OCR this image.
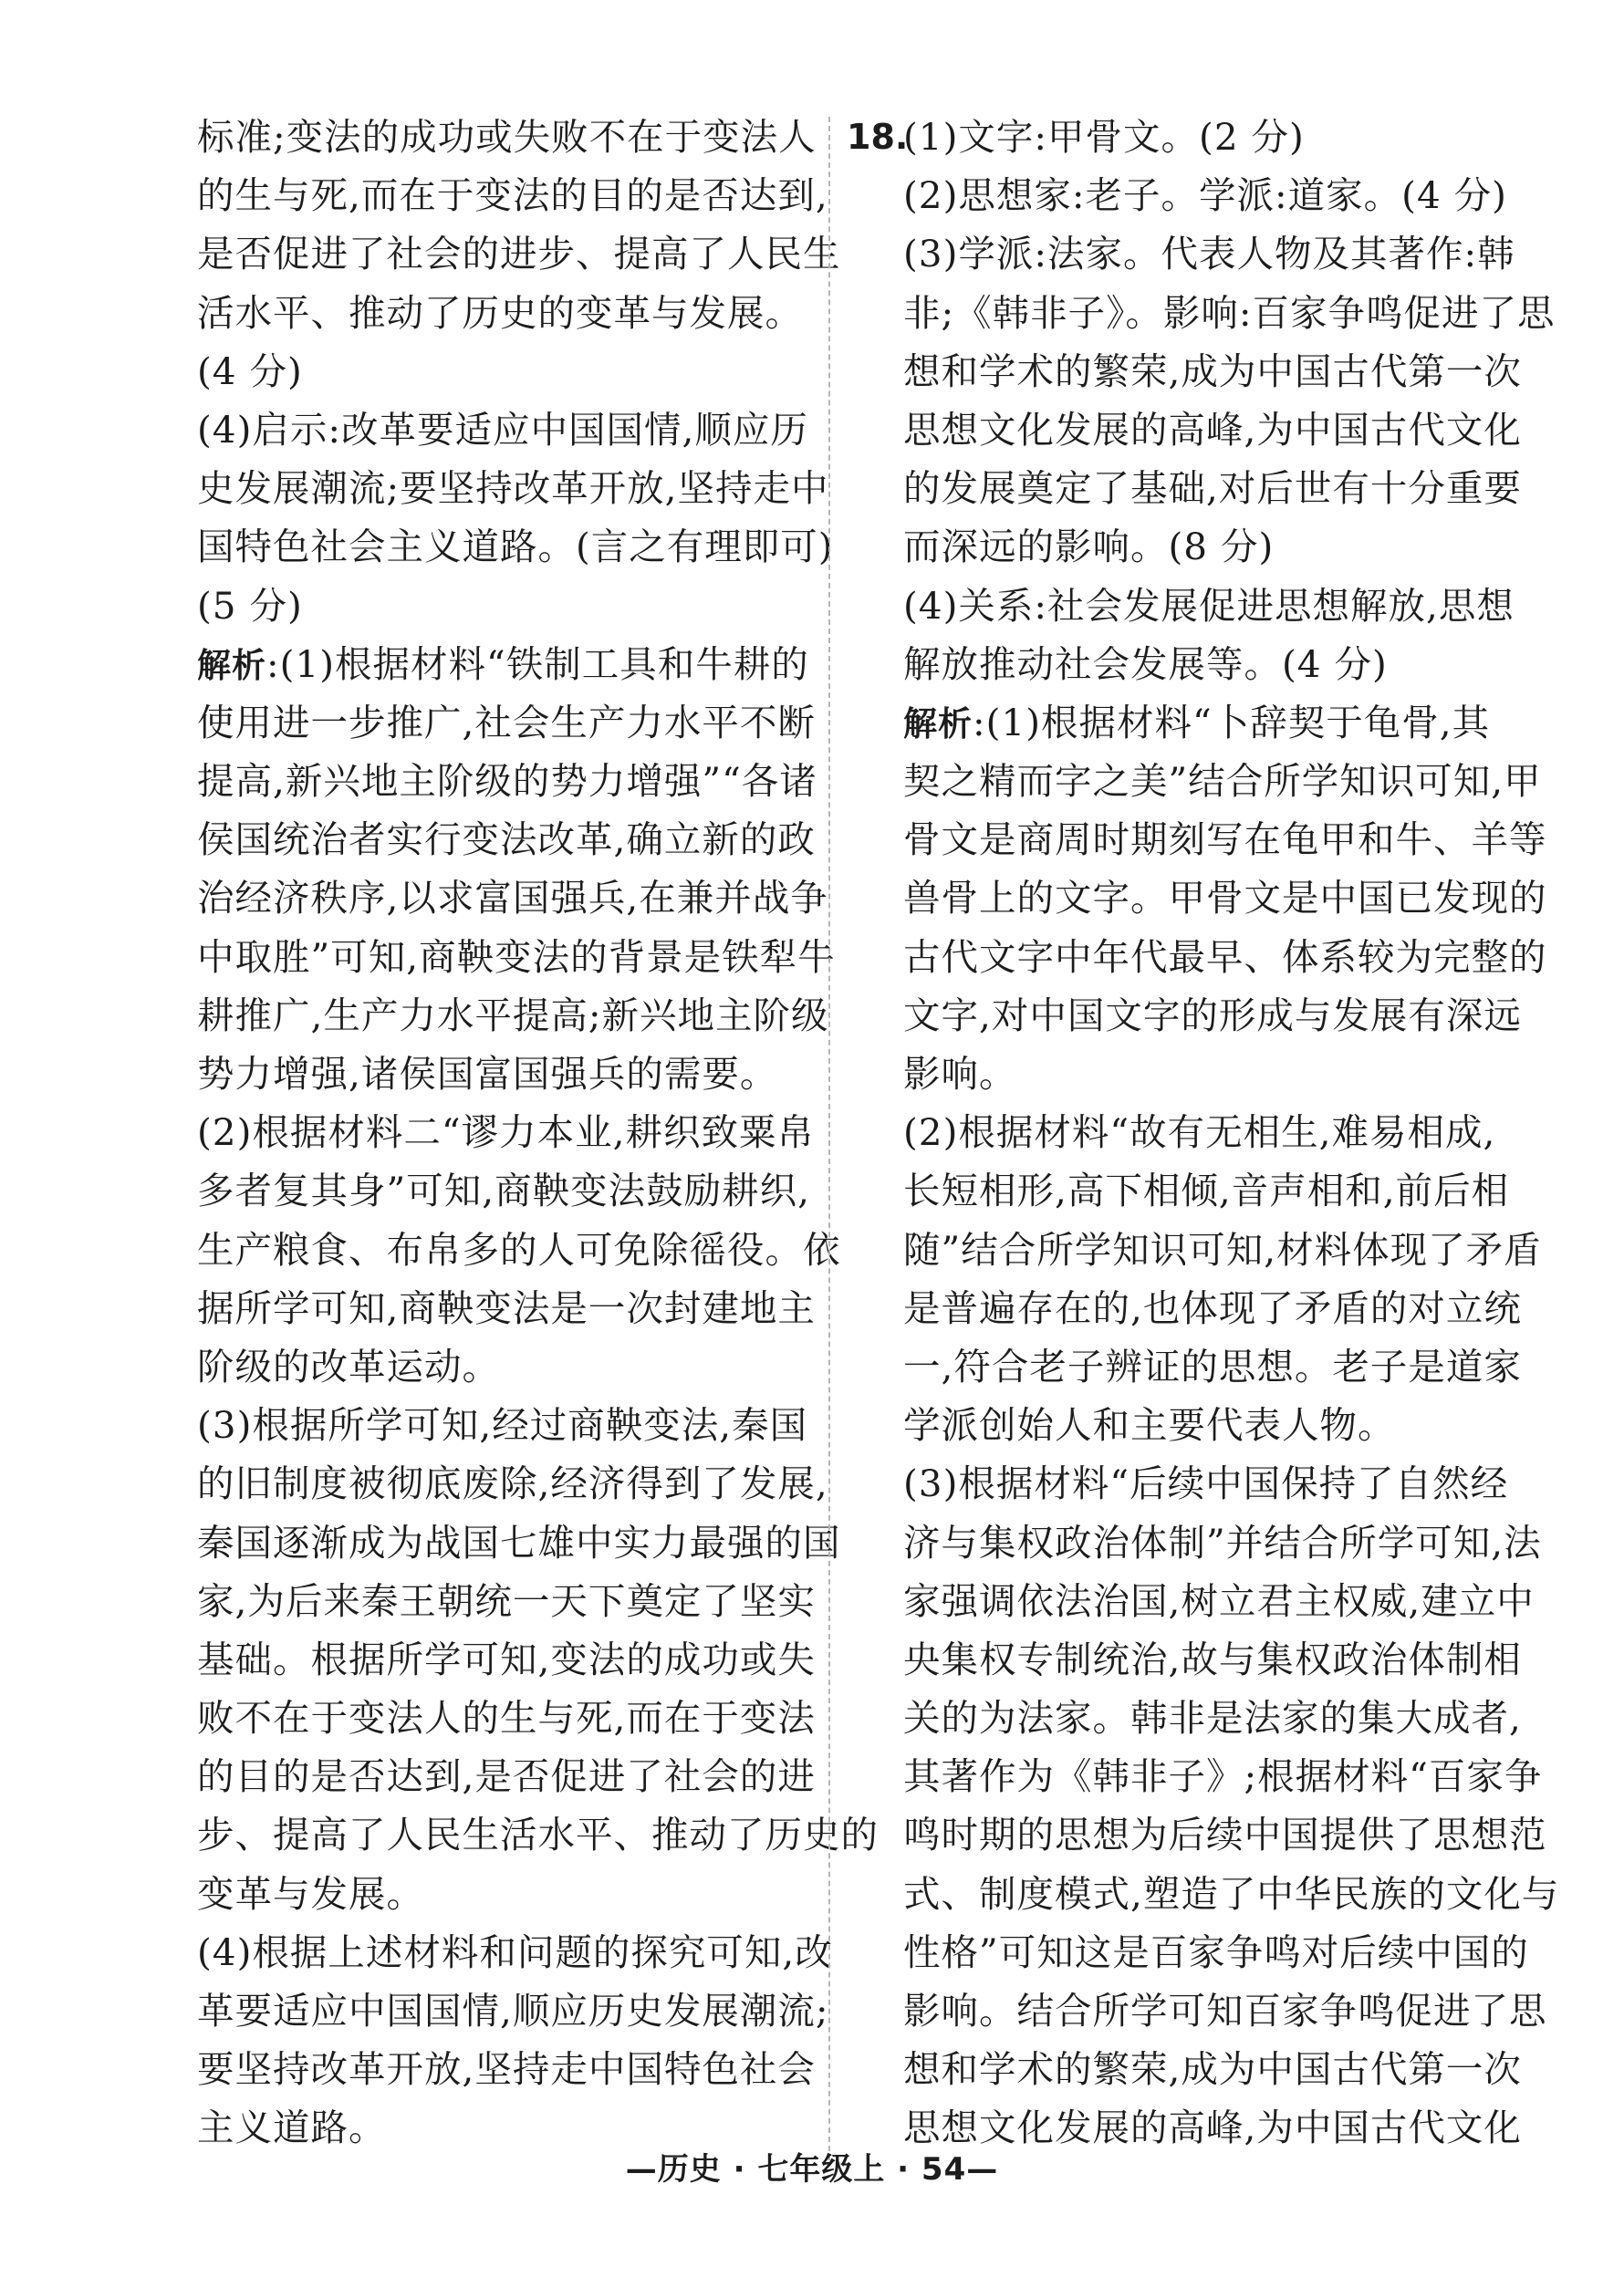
标准;变法的成功或失败不在于变法人
的生与死,而在于变法的目的是否达到,
是否促进了社会的进步、提高了人民生
活水平、推动了历史的变革与发展。
(4 分)
(4)启示:改革要适应中国国情,顺应历
史发展潮流;要坚持改革开放,坚持走中
国特色社会主义道路。(言之有理即可)
(5 分)
解析:(1)根据材料“铁制工具和牛耕的
使用进一步推广,社会生产力水平不断
提高,新兴地主阶级的势力增强”“各诸
侯国统治者实行变法改革,确立新的政
治经济秩序,以求富国强兵,在兼并战争
中取胜”可知,商鞅变法的背景是铁犁牛
耕推广,生产力水平提高;新兴地主阶级
势力增强,诸侯国富国强兵的需要。
(2)根据材料二“谬力本业,耕织致粟帛
多者复其身”可知,商鞅变法鼓励耕织,
生产粮食、布帛多的人可免除徭役。依
据所学可知,商鞅变法是一次封建地主
阶级的改革运动。
(3)根据所学可知,经过商鞅变法,秦国
的旧制度被彻底废除,经济得到了发展,
秦国逐渐成为战国七雄中实力最强的国
家,为后来秦王朝统一天下奠定了坚实
基础。根据所学可知,变法的成功或失
败不在于变法人的生与死,而在于变法
的目的是否达到,是否促进了社会的进
步、提高了人民生活水平、推动了历史的
变革与发展。
(4)根据上述材料和问题的探究可知,改
革要适应中国国情,顺应历史发展潮流;
要坚持改革开放,坚持走中国特色社会
主义道路。
18.
(1)文字:甲骨文。(2 分)
(2)思想家:老子。学派:道家。(4 分)
(3)学派:法家。代表人物及其著作:韩
非;《韩非子》。影响:百家争鸣促进了思
想和学术的繁荣,成为中国古代第一次
思想文化发展的高峰,为中国古代文化
的发展奠定了基础,对后世有十分重要
而深远的影响。(8 分)
(4)关系:社会发展促进思想解放,思想
解放推动社会发展等。(4 分)
解析:(1)根据材料“卜辞契于龟骨,其
契之精而字之美”结合所学知识可知,甲
骨文是商周时期刻写在龟甲和牛、羊等
兽骨上的文字。甲骨文是中国已发现的
古代文字中年代最早、体系较为完整的
文字,对中国文字的形成与发展有深远
影响。
(2)根据材料“故有无相生,难易相成,
长短相形,高下相倾,音声相和,前后相
随”结合所学知识可知,材料体现了矛盾
是普遍存在的,也体现了矛盾的对立统
一,符合老子辨证的思想。老子是道家
学派创始人和主要代表人物。
(3)根据材料“后续中国保持了自然经
济与集权政治体制”并结合所学可知,法
家强调依法治国,树立君主权威,建立中
央集权专制统治,故与集权政治体制相
关的为法家。韩非是法家的集大成者,
其著作为《韩非子》;根据材料“百家争
鸣时期的思想为后续中国提供了思想范
式、制度模式,塑造了中华民族的文化与
性格”可知这是百家争鸣对后续中国的
影响。结合所学可知百家争鸣促进了思
想和学术的繁荣,成为中国古代第一次
思想文化发展的高峰,为中国古代文化
—历史 · 七年级上 · 54—
